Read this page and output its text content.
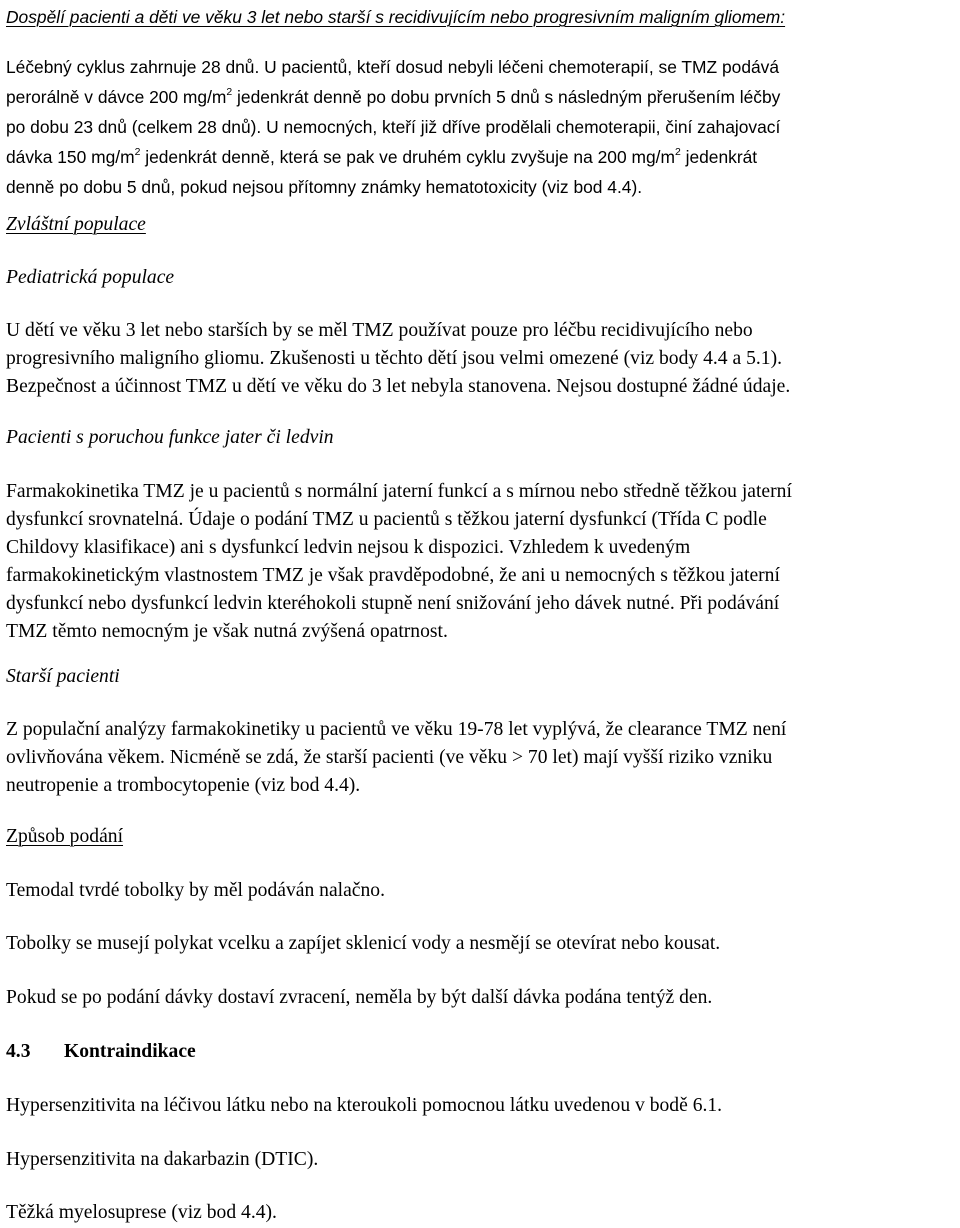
Dospělí pacienti a děti ve věku 3 let nebo starší s recidivujícím nebo progresivním maligním gliomem:
Léčebný cyklus zahrnuje 28 dnů. U pacientů, kteří dosud nebyli léčeni chemoterapií, se TMZ podává
perorálně v dávce 200 $mg/m^2$ jedenkrát denně po dobu prvních 5 dnů s následným přerušením léčby
po dobu 23 dnů (celkem 28 dnů). U nemocných, kteří již dříve prodělali chemoterapii, činí zahajovací
dávka 150 $mg/m^2$ jedenkrát denně, která se pak ve druhém cyklu zvyšuje na 200 $mg/m^2$ jedenkrát
denně po dobu 5 dnů, pokud nejsou přítomny známky hematotoxicity (viz bod 4.4).
Zvláštní populace
Pediatrická populace
U dětí ve věku 3 let nebo starších by se měl TMZ používat pouze pro léčbu recidivujícího nebo
progresivního maligního gliomu. Zkušenosti u těchto dětí jsou velmi omezené (viz body 4.4 a 5.1).
Bezpečnost a účinnost TMZ u dětí ve věku do 3 let nebyla stanovena. Nejsou dostupné žádné údaje.
Pacienti s poruchou funkce jater či ledvin
Farmakokinetika TMZ je u pacientů s normální jaterní funkcí a s mírnou nebo středně těžkou jaterní
dysfunkcí srovnatelná. Údaje o podání TMZ u pacientů s těžkou jaterní dysfunkcí (Třída C podle
Childovy klasifikace) ani s dysfunkcí ledvin nejsou k dispozici. Vzhledem k uvedeným
farmakokinetickým vlastnostem TMZ je však pravděpodobné, že ani u nemocných s těžkou jaterní
dysfunkcí nebo dysfunkcí ledvin kteréhokoli stupně není snižování jeho dávek nutné. Při podávání
TMZ těmto nemocným je však nutná zvýšená opatrnost.
Starší pacienti
Z populační analýzy farmakokinetiky u pacientů ve věku 19-78 let vyplývá, že clearance TMZ není
ovlivňována věkem. Nicméně se zdá, že starší pacienti (ve věku > 70 let) mají vyšší riziko vzniku
neutropenie a trombocytopenie (viz bod 4.4).
Způsob podání
Temodal tvrdé tobolky by měl podáván nalačno.
Tobolky se musejí polykat vcelku a zapíjet sklenicí vody a nesmějí se otevírat nebo kousat.
Pokud se po podání dávky dostaví zvracení, neměla by být další dávka podána tentýž den.
4.3 Kontraindikace
Hypersenzitivita na léčivou látku nebo na kteroukoli pomocnou látku uvedenou v bodě 6.1.
Hypersenzitivita na dakarbazin (DTIC).
Těžká myelosuprese (viz bod 4.4).
